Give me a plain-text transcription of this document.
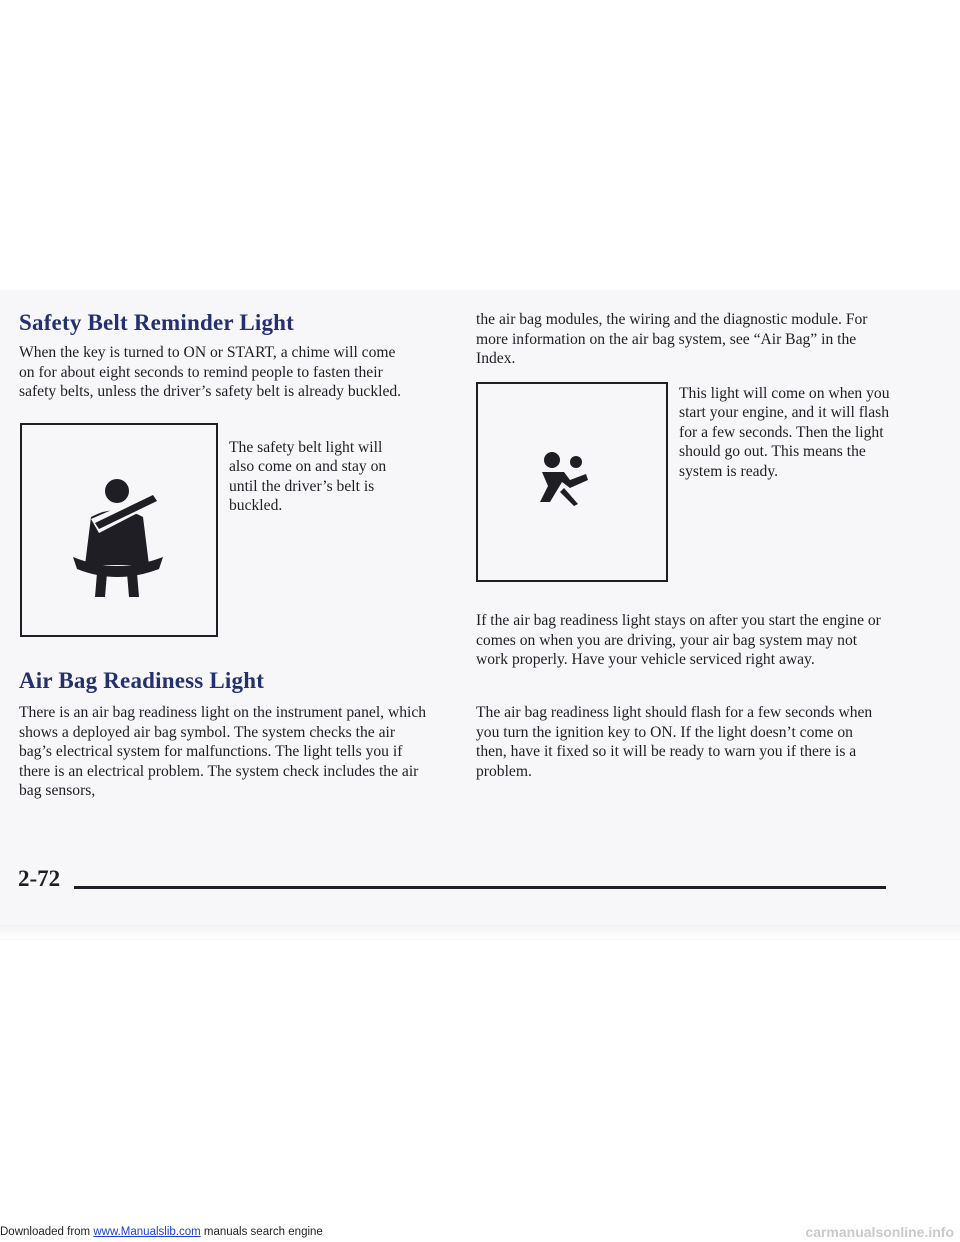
Safety Belt Reminder Light

When the key is turned to ON or START, a chime will come on for about eight seconds to remind people to fasten their safety belts, unless the driver’s safety belt is already buckled.

The safety belt light will also come on and stay on until the driver’s belt is buckled.

Air Bag Readiness Light

There is an air bag readiness light on the instrument panel, which shows a deployed air bag symbol. The system checks the air bag’s electrical system for malfunctions. The light tells you if there is an electrical problem. The system check includes the air bag sensors,

the air bag modules, the wiring and the diagnostic module. For more information on the air bag system, see “Air Bag” in the Index.

This light will come on when you start your engine, and it will flash for a few seconds. Then the light should go out. This means the system is ready.

If the air bag readiness light stays on after you start the engine or comes on when you are driving, your air bag system may not work properly. Have your vehicle serviced right away.

The air bag readiness light should flash for a few seconds when you turn the ignition key to ON. If the light doesn’t come on then, have it fixed so it will be ready to warn you if there is a problem.

2-72
Downloaded from www.Manualslib.com manuals search engine	carmanualsonline.info
